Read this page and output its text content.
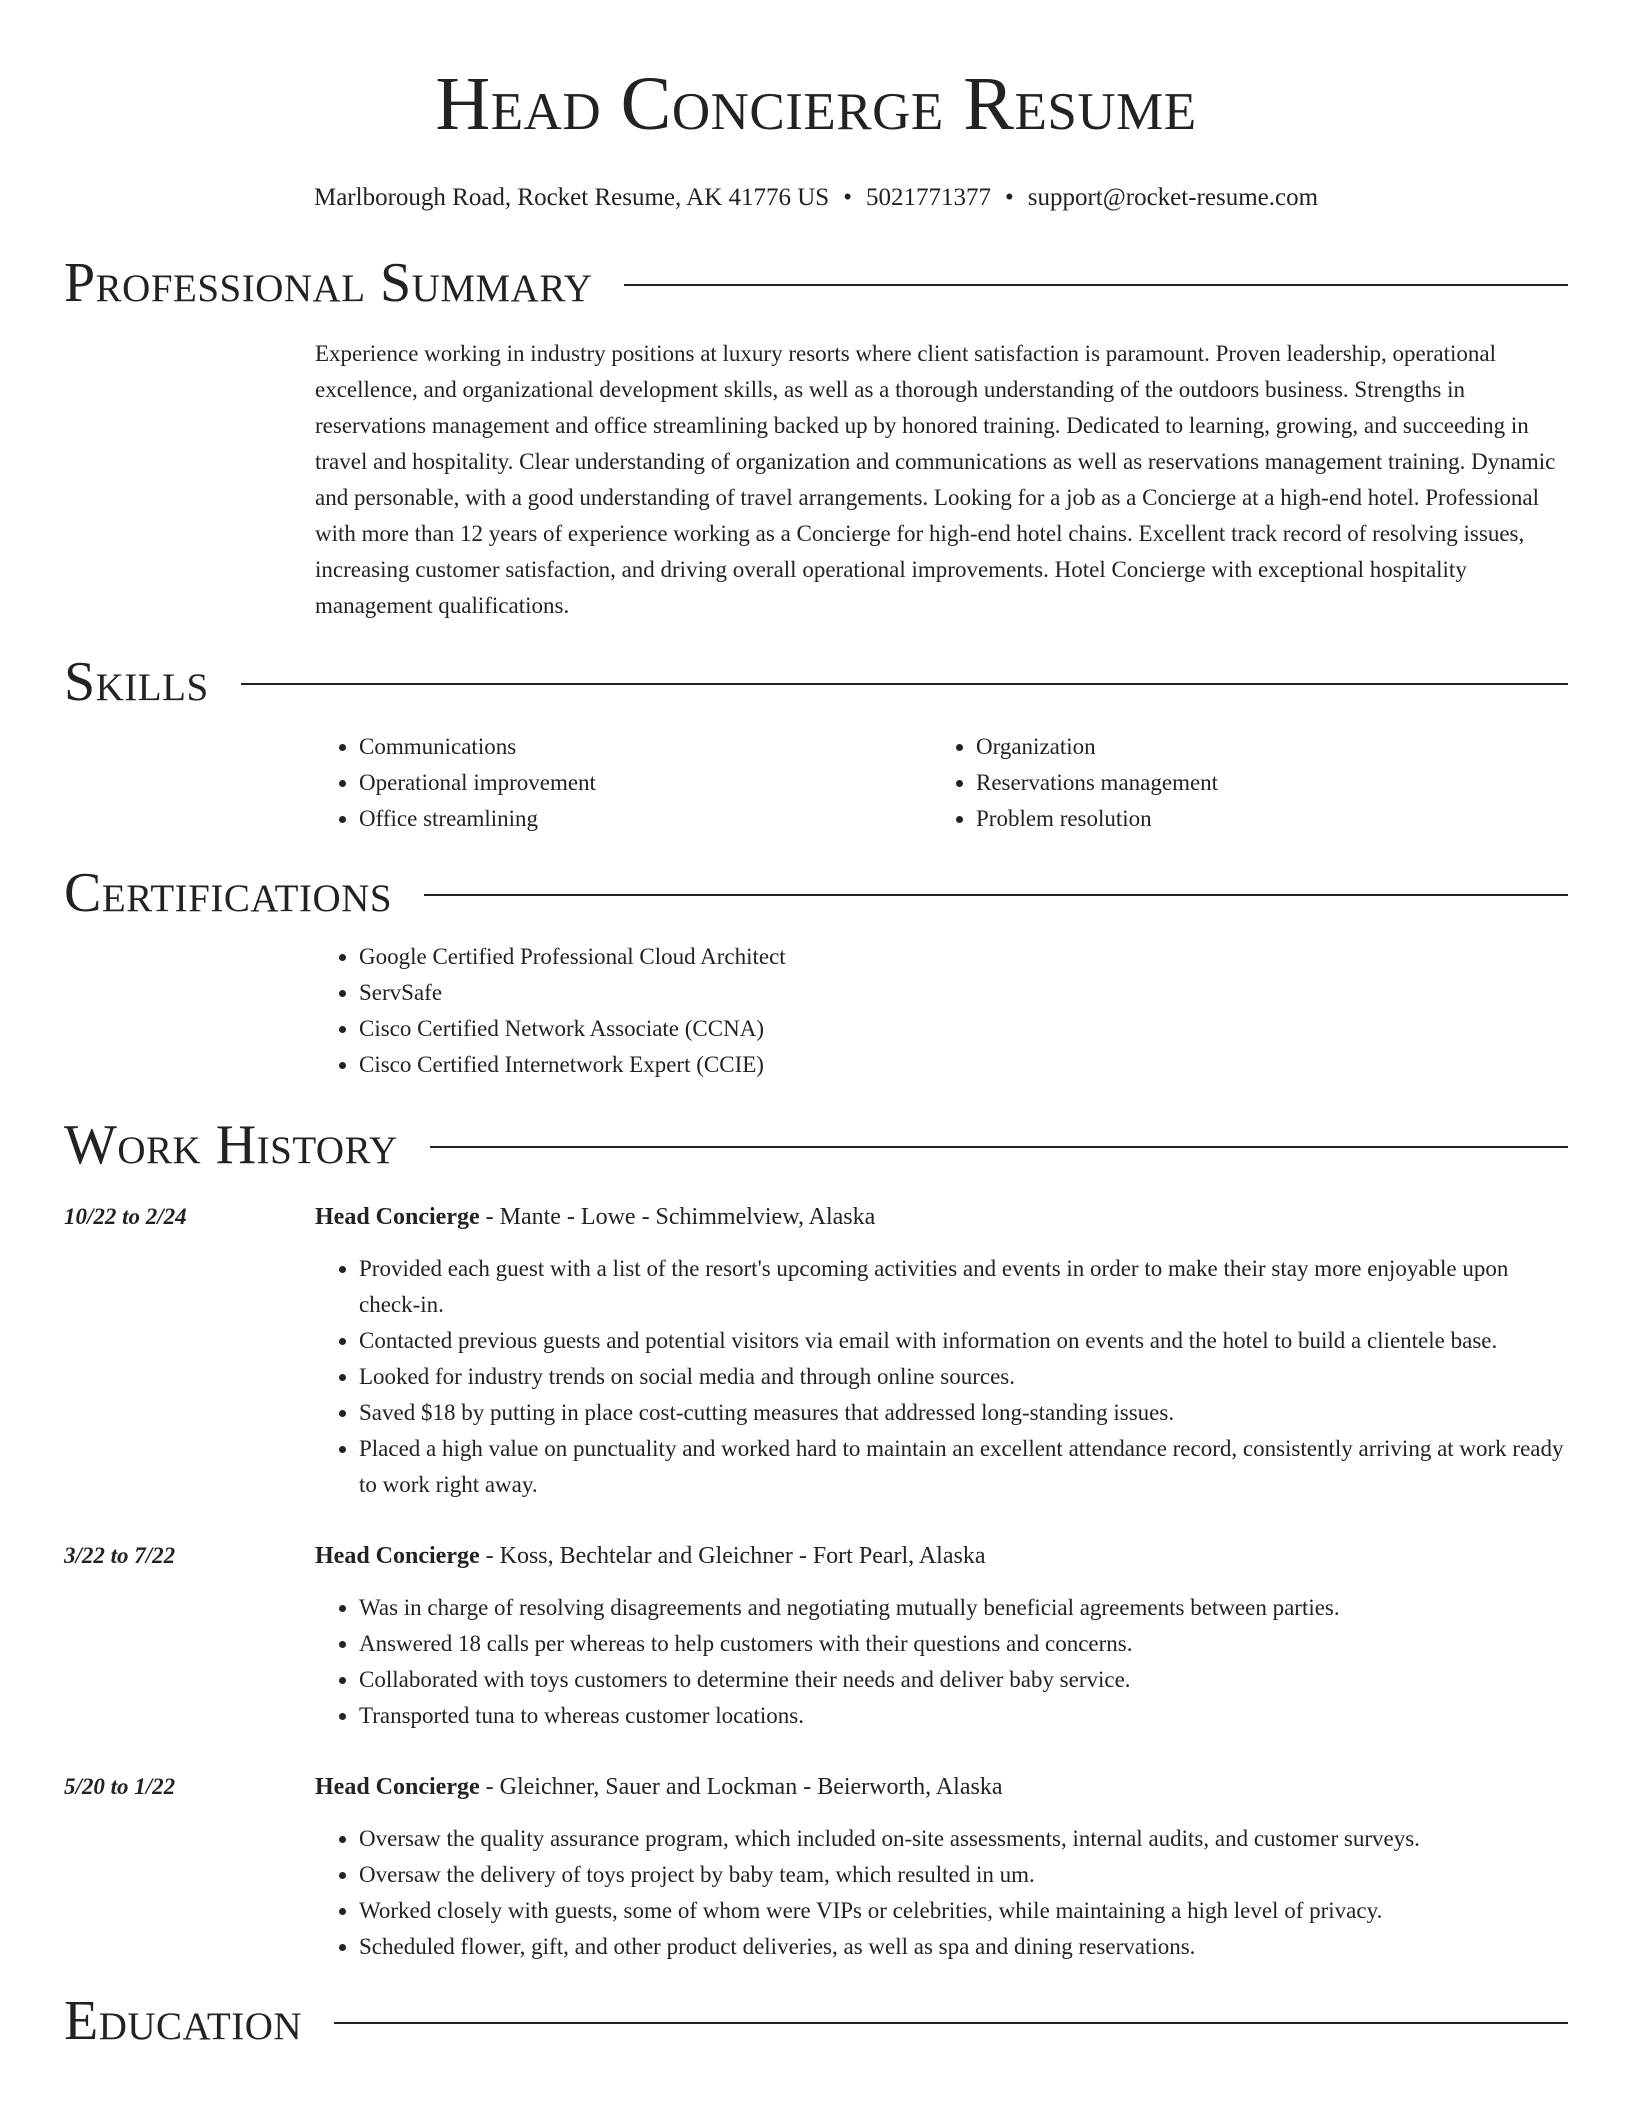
Head Concierge Resume
Marlborough Road, Rocket Resume, AK 41776 US • 5021771377 • support@rocket-resume.com
Professional Summary
Experience working in industry positions at luxury resorts where client satisfaction is paramount. Proven leadership, operational excellence, and organizational development skills, as well as a thorough understanding of the outdoors business. Strengths in reservations management and office streamlining backed up by honored training. Dedicated to learning, growing, and succeeding in travel and hospitality. Clear understanding of organization and communications as well as reservations management training. Dynamic and personable, with a good understanding of travel arrangements. Looking for a job as a Concierge at a high-end hotel. Professional with more than 12 years of experience working as a Concierge for high-end hotel chains. Excellent track record of resolving issues, increasing customer satisfaction, and driving overall operational improvements. Hotel Concierge with exceptional hospitality management qualifications.
Skills
• Communications
• Operational improvement
• Office streamlining
• Organization
• Reservations management
• Problem resolution
Certifications
• Google Certified Professional Cloud Architect
• ServSafe
• Cisco Certified Network Associate (CCNA)
• Cisco Certified Internetwork Expert (CCIE)
Work History
10/22 to 2/24	Head Concierge - Mante - Lowe - Schimmelview, Alaska
• Provided each guest with a list of the resort's upcoming activities and events in order to make their stay more enjoyable upon check-in.
• Contacted previous guests and potential visitors via email with information on events and the hotel to build a clientele base.
• Looked for industry trends on social media and through online sources.
• Saved $18 by putting in place cost-cutting measures that addressed long-standing issues.
• Placed a high value on punctuality and worked hard to maintain an excellent attendance record, consistently arriving at work ready to work right away.
3/22 to 7/22	Head Concierge - Koss, Bechtelar and Gleichner - Fort Pearl, Alaska
• Was in charge of resolving disagreements and negotiating mutually beneficial agreements between parties.
• Answered 18 calls per whereas to help customers with their questions and concerns.
• Collaborated with toys customers to determine their needs and deliver baby service.
• Transported tuna to whereas customer locations.
5/20 to 1/22	Head Concierge - Gleichner, Sauer and Lockman - Beierworth, Alaska
• Oversaw the quality assurance program, which included on-site assessments, internal audits, and customer surveys.
• Oversaw the delivery of toys project by baby team, which resulted in um.
• Worked closely with guests, some of whom were VIPs or celebrities, while maintaining a high level of privacy.
• Scheduled flower, gift, and other product deliveries, as well as spa and dining reservations.
Education
